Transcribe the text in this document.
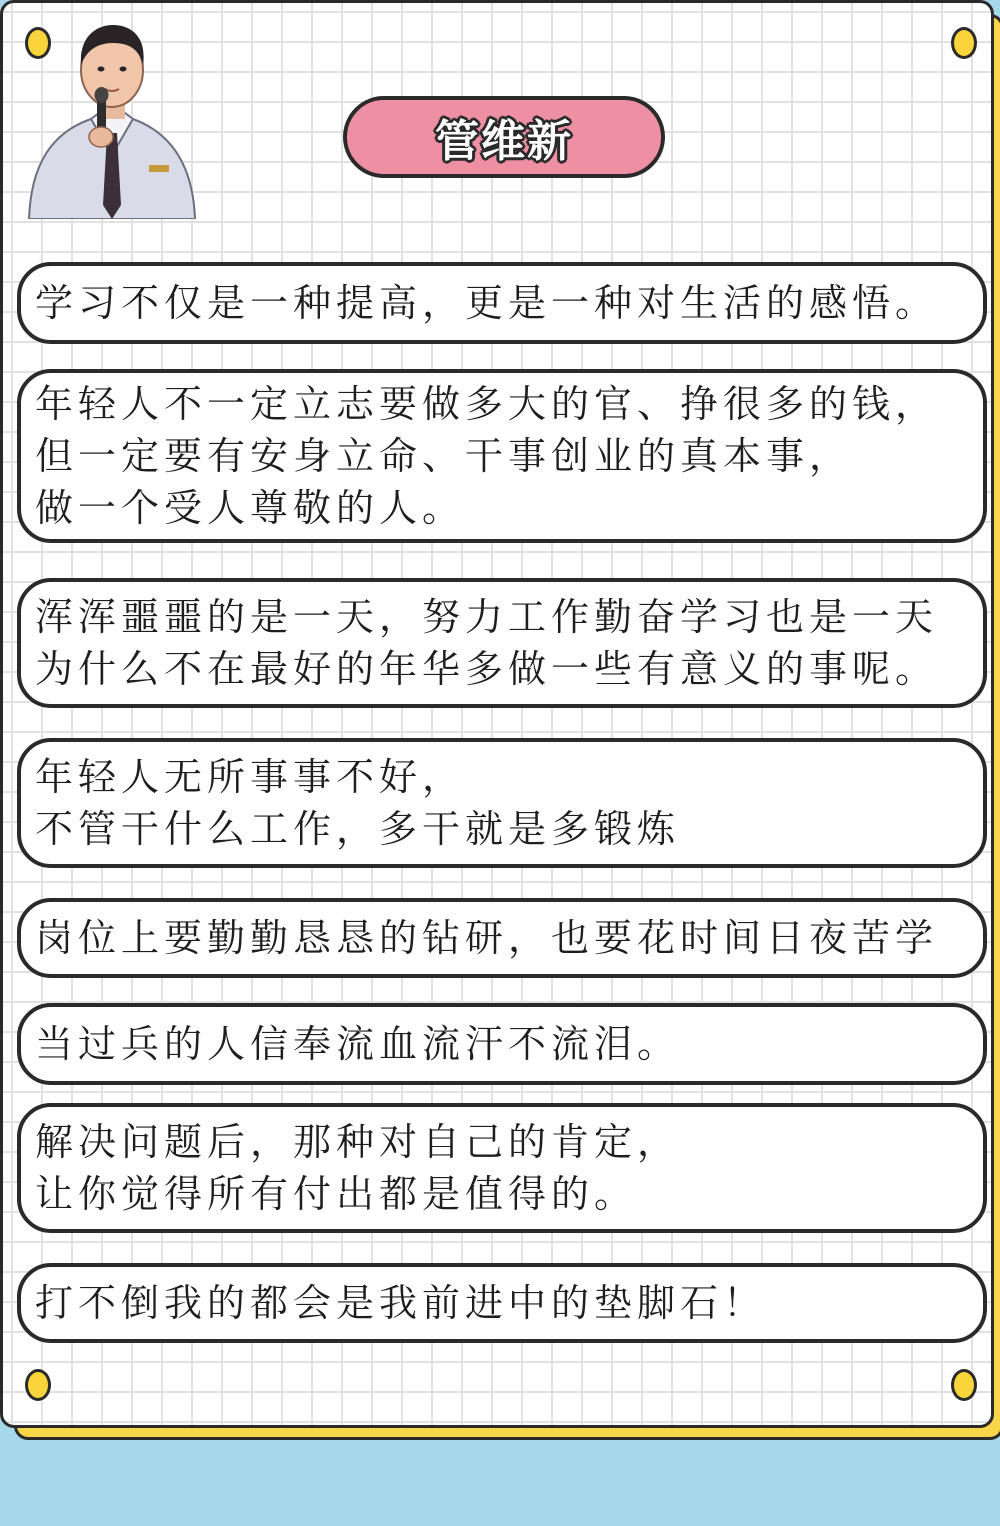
管维新
学习不仅是一种提高，更是一种对生活的感悟。
年轻人不一定立志要做多大的官、挣很多的钱，
但一定要有安身立命、干事创业的真本事，
做一个受人尊敬的人。
浑浑噩噩的是一天，努力工作勤奋学习也是一天
为什么不在最好的年华多做一些有意义的事呢。
年轻人无所事事不好，
不管干什么工作，多干就是多锻炼
岗位上要勤勤恳恳的钻研，也要花时间日夜苦学
当过兵的人信奉流血流汗不流泪。
解决问题后，那种对自己的肯定，
让你觉得所有付出都是值得的。
打不倒我的都会是我前进中的垫脚石！
